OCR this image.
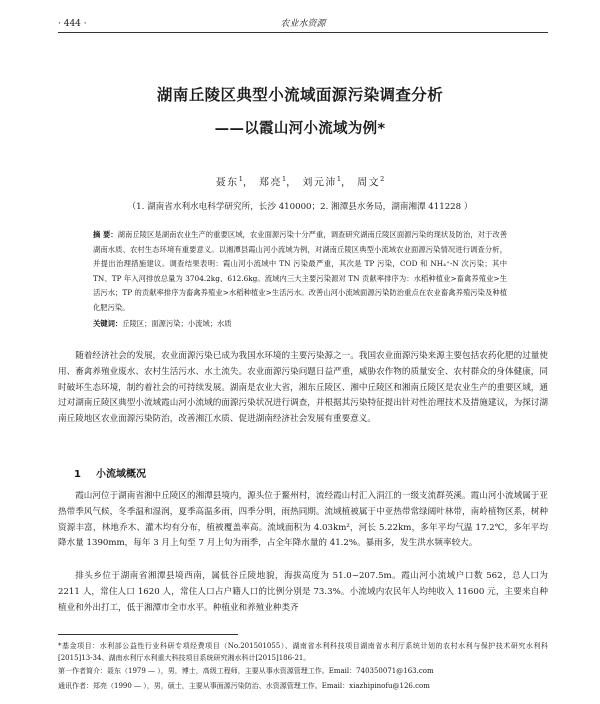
· 444 ·	农业水资源
湖南丘陵区典型小流域面源污染调查分析
——以霞山河小流域为例*
聂东$^1$， 郑亮$^1$， 刘元沛$^1$， 周文$^2$
（1. 湖南省水利水电科学研究所，长沙 410000；2. 湘潭县水务局，湖南湘潭 411228 ）

摘 要：湖南丘陵区是湖南农业生产的重要区域，农业面源污染十分严重，调查研究湖南丘陵区面源污染的现状及防治，对于改善湖南水质、农村生态环境有重要意义。以湘潭县霞山河小流域为例，对湖南丘陵区典型小流域农业面源污染情况进行调查分析，并提出治理措施建议。调查结果表明：霞山河小流域中 TN 污染最严重，其次是 TP 污染，COD 和 NH₄⁺-N 次污染；其中 TN、TP 年入河排放总量为 3704.2kg、612.6kg。流域内三大主要污染源对 TN 贡献率排序为：水稻种植业>畜禽养殖业>生活污水；TP 的贡献率排序为畜禽养殖业>水稻种植业>生活污水。改善山河小流域面源污染防治重点在农业畜禽养殖污染及种植化肥污染。

关键词：丘陵区；面源污染；小流域；水质

随着经济社会的发展，农业面源污染已成为我国水环境的主要污染源之一。我国农业面源污染来源主要包括农药化肥的过量使用、畜禽养殖业废水、农村生活污水、水土流失。农业面源污染问题日益严重，威胁农作物的质量安全、农村群众的身体健康，同时破坏生态环境，制约着社会的可持续发展。湖南是农业大省，湘东丘陵区、湘中丘陵区和湘南丘陵区是农业生产的重要区域，通过对湖南丘陵区典型小流域霞山河小流域的面源污染状况进行调查，并根据其污染特征提出针对性治理技术及措施建议，为探讨湖南丘陵地区农业面源污染防治，改善湘江水质、促进湖南经济社会发展有重要意义。

1 小流域概况

霞山河位于湖南省湘中丘陵区的湘潭县境内，源头位于鳌州村，流经霞山村汇入涓江的一级支流群英溪。霞山河小流域属于亚热带季风气候，冬季温和湿润，夏季高温多雨，四季分明，雨热同期。流域植被属于中亚热带常绿阔叶林带，南岭植物区系，树种资源丰富，林地乔木、灌木均有分布，植被覆盖率高。流域面积为 4.03km²，河长 5.22km，多年平均气温 17.2℃，多年平均降水量 1390mm，每年 3 月上旬至 7 月上旬为雨季，占全年降水量的 41.2%。暴雨多，发生洪水频率较大。

排头乡位于湖南省湘潭县境西南，属低谷丘陵地貌，海拔高度为 51.0~207.5m。霞山河小流域户口数 562，总人口为 2211 人，常住人口 1620 人，常住人口占户籍人口的比例分别是 73.3%。小流域内农民年人均纯收入 11600 元，主要来自种植业和外出打工，低于湘潭市全市水平。种植业和养殖业种类齐

*基金项目：水利部公益性行业科研专项经费项目（No.201501055）、湖南省水利科技项目湖南省水利厅系统计划的农村水利与保护技术研究水利科[2015]13-34、湖南水利厅水利重大科技项目系统研究湘水科计[2015]186-21。

第一作者简介：聂东（1979 — ），男，博士，高级工程师，主要从事水资源管理工作。Email：740350071@163.com

通讯作者：郑亮（1990 — ），男，硕士，主要从事面源污染防治、水资源管理工作。Email：xiazhipinofu@126.com
